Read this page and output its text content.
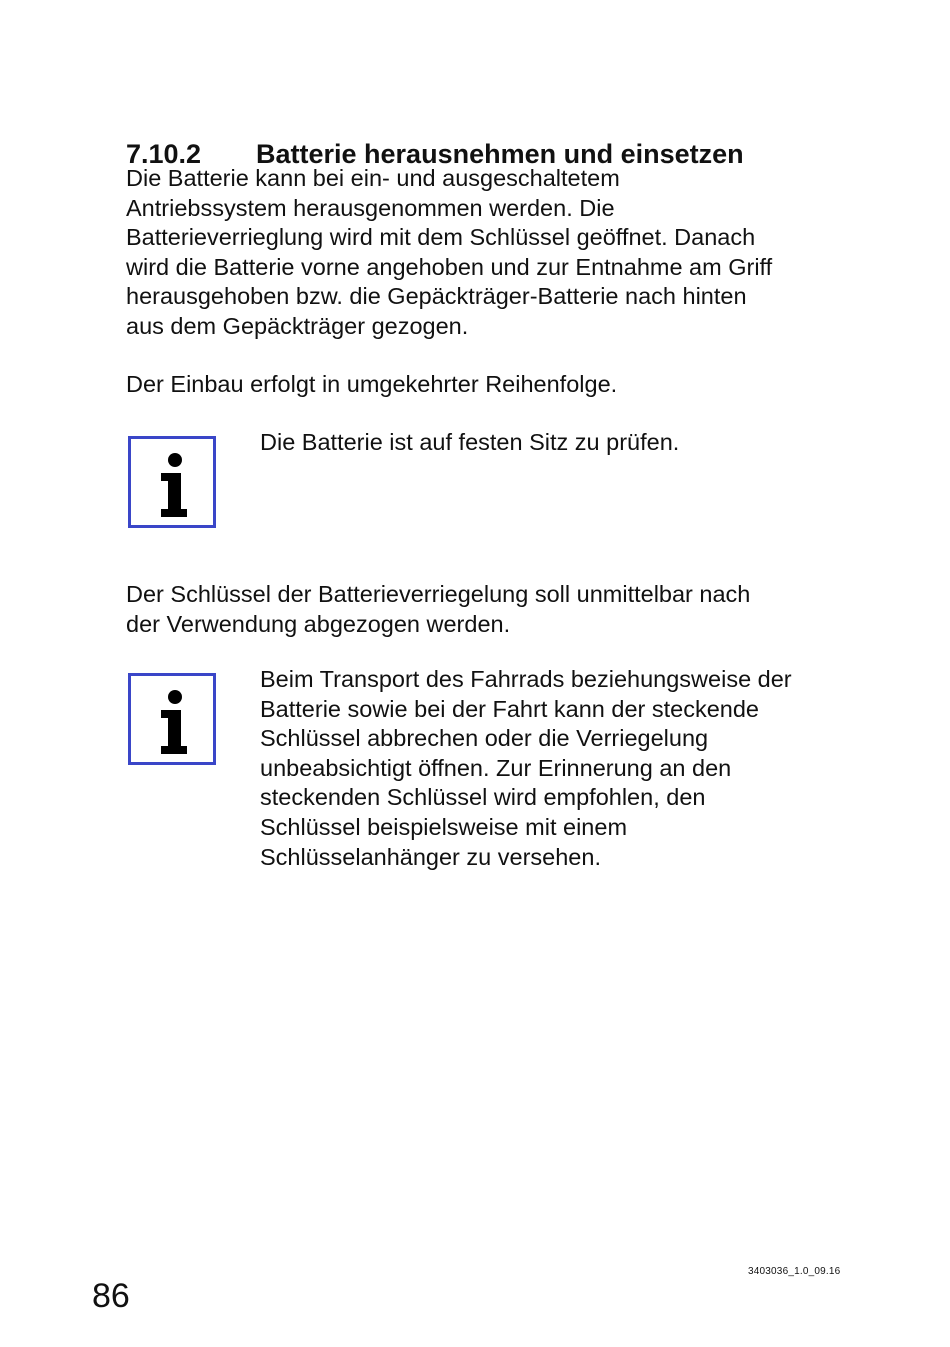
7.10.2 Batterie herausnehmen und einsetzen

Die Batterie kann bei ein- und ausgeschaltetem
Antriebssystem herausgenommen werden. Die
Batterieverrieglung wird mit dem Schlüssel geöffnet. Danach
wird die Batterie vorne angehoben und zur Entnahme am Griff
herausgehoben bzw. die Gepäckträger-Batterie nach hinten
aus dem Gepäckträger gezogen.

Der Einbau erfolgt in umgekehrter Reihenfolge.

Die Batterie ist auf festen Sitz zu prüfen.

Der Schlüssel der Batterieverriegelung soll unmittelbar nach
der Verwendung abgezogen werden.

Beim Transport des Fahrrads beziehungsweise der
Batterie sowie bei der Fahrt kann der steckende
Schlüssel abbrechen oder die Verriegelung
unbeabsichtigt öffnen. Zur Erinnerung an den
steckenden Schlüssel wird empfohlen, den
Schlüssel beispielsweise mit einem
Schlüsselanhänger zu versehen.

86
3403036_1.0_09.16
